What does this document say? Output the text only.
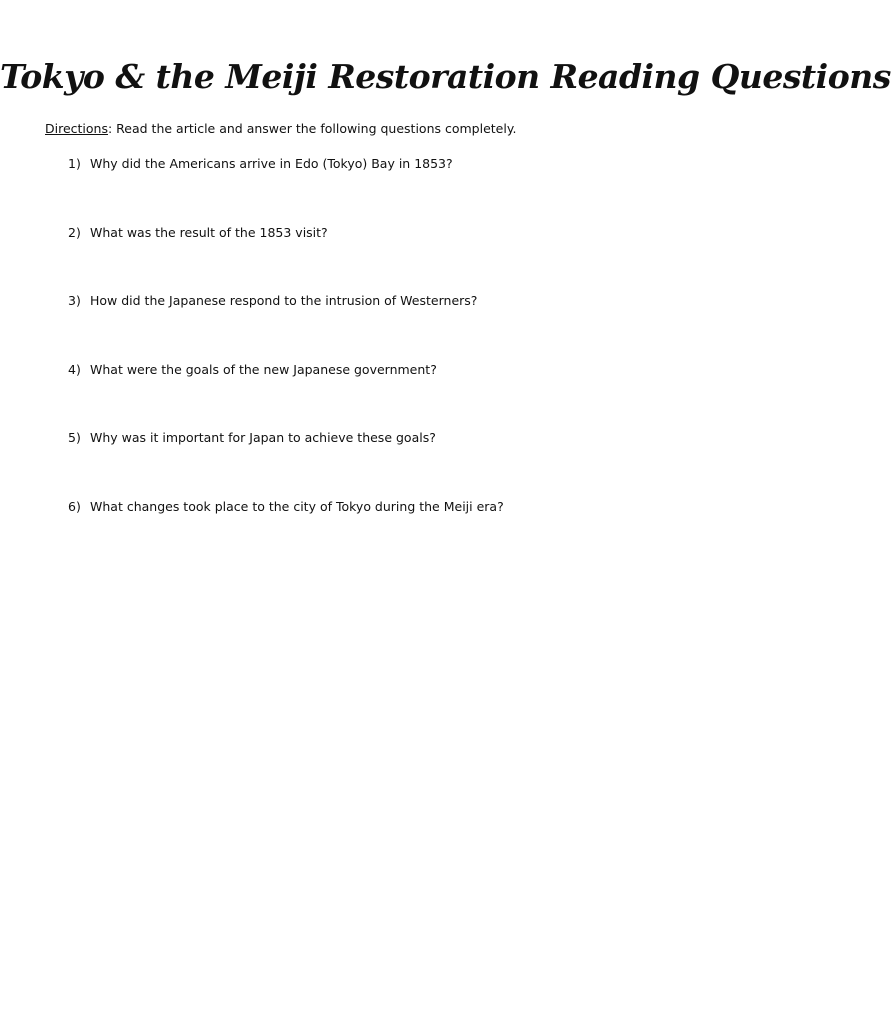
Tokyo & the Meiji Restoration Reading Questions

Directions: Read the article and answer the following questions completely.

1) Why did the Americans arrive in Edo (Tokyo) Bay in 1853?
2) What was the result of the 1853 visit?
3) How did the Japanese respond to the intrusion of Westerners?
4) What were the goals of the new Japanese government?
5) Why was it important for Japan to achieve these goals?
6) What changes took place to the city of Tokyo during the Meiji era?
